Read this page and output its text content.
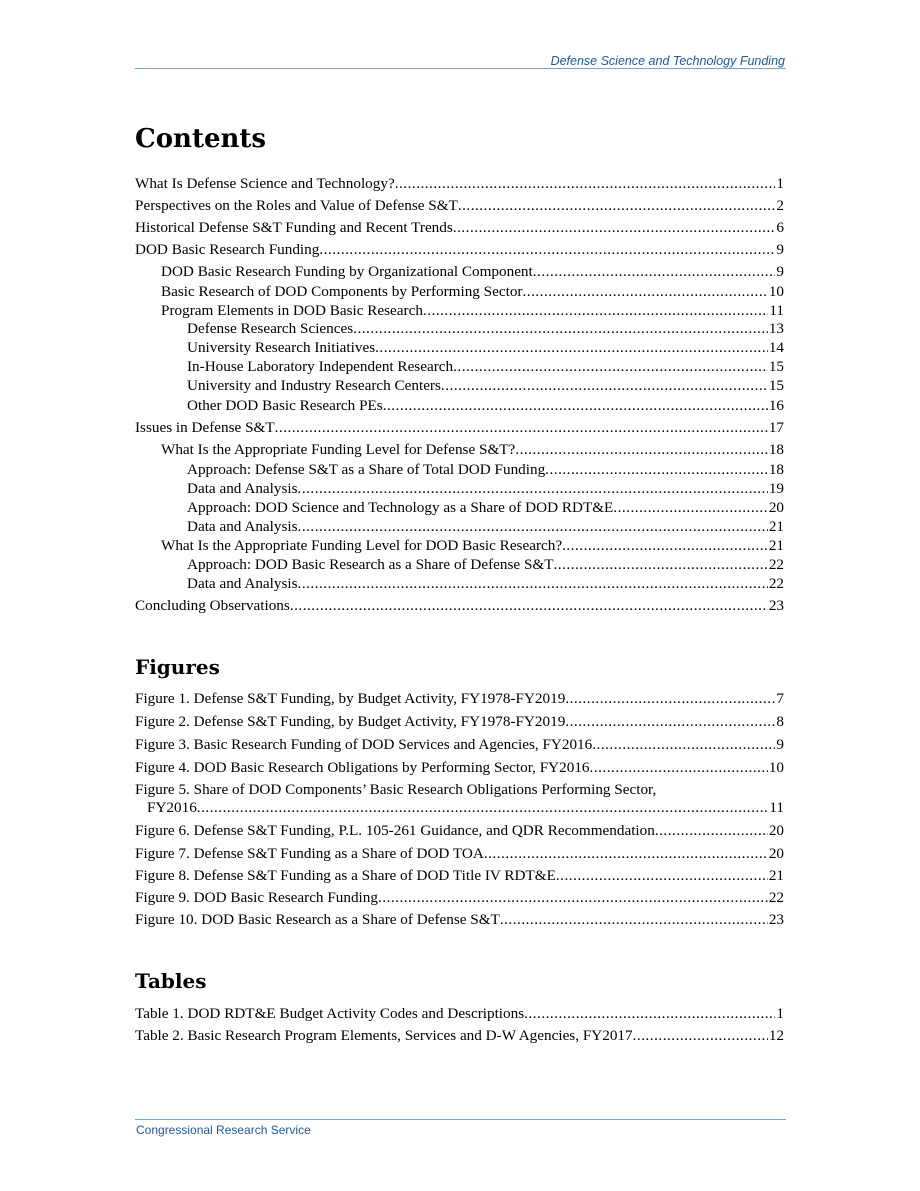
Defense Science and Technology Funding
Contents
What Is Defense Science and Technology? .....	1
Perspectives on the Roles and Value of Defense S&T .....	2
Historical Defense S&T Funding and Recent Trends .....	6
DOD Basic Research Funding .....	9
DOD Basic Research Funding by Organizational Component .....	9
Basic Research of DOD Components by Performing Sector .....	10
Program Elements in DOD Basic Research .....	11
Defense Research Sciences .....	13
University Research Initiatives .....	14
In-House Laboratory Independent Research .....	15
University and Industry Research Centers .....	15
Other DOD Basic Research PEs .....	16
Issues in Defense S&T .....	17
What Is the Appropriate Funding Level for Defense S&T? .....	18
Approach: Defense S&T as a Share of Total DOD Funding .....	18
Data and Analysis .....	19
Approach: DOD Science and Technology as a Share of DOD RDT&E .....	20
Data and Analysis .....	21
What Is the Appropriate Funding Level for DOD Basic Research? .....	21
Approach: DOD Basic Research as a Share of Defense S&T .....	22
Data and Analysis .....	22
Concluding Observations .....	23
Figures
Figure 1. Defense S&T Funding, by Budget Activity, FY1978-FY2019 .....	7
Figure 2. Defense S&T Funding, by Budget Activity, FY1978-FY2019 .....	8
Figure 3. Basic Research Funding of DOD Services and Agencies, FY2016 .....	9
Figure 4. DOD Basic Research Obligations by Performing Sector, FY2016 .....	10
Figure 5. Share of DOD Components’ Basic Research Obligations Performing Sector,
FY2016 .....	11
Figure 6. Defense S&T Funding, P.L. 105-261 Guidance, and QDR Recommendation .....	20
Figure 7. Defense S&T Funding as a Share of DOD TOA .....	20
Figure 8. Defense S&T Funding as a Share of DOD Title IV RDT&E .....	21
Figure 9. DOD Basic Research Funding .....	22
Figure 10. DOD Basic Research as a Share of Defense S&T .....	23
Tables
Table 1. DOD RDT&E Budget Activity Codes and Descriptions .....	1
Table 2. Basic Research Program Elements, Services and D-W Agencies, FY2017 .....	12
Congressional Research Service
